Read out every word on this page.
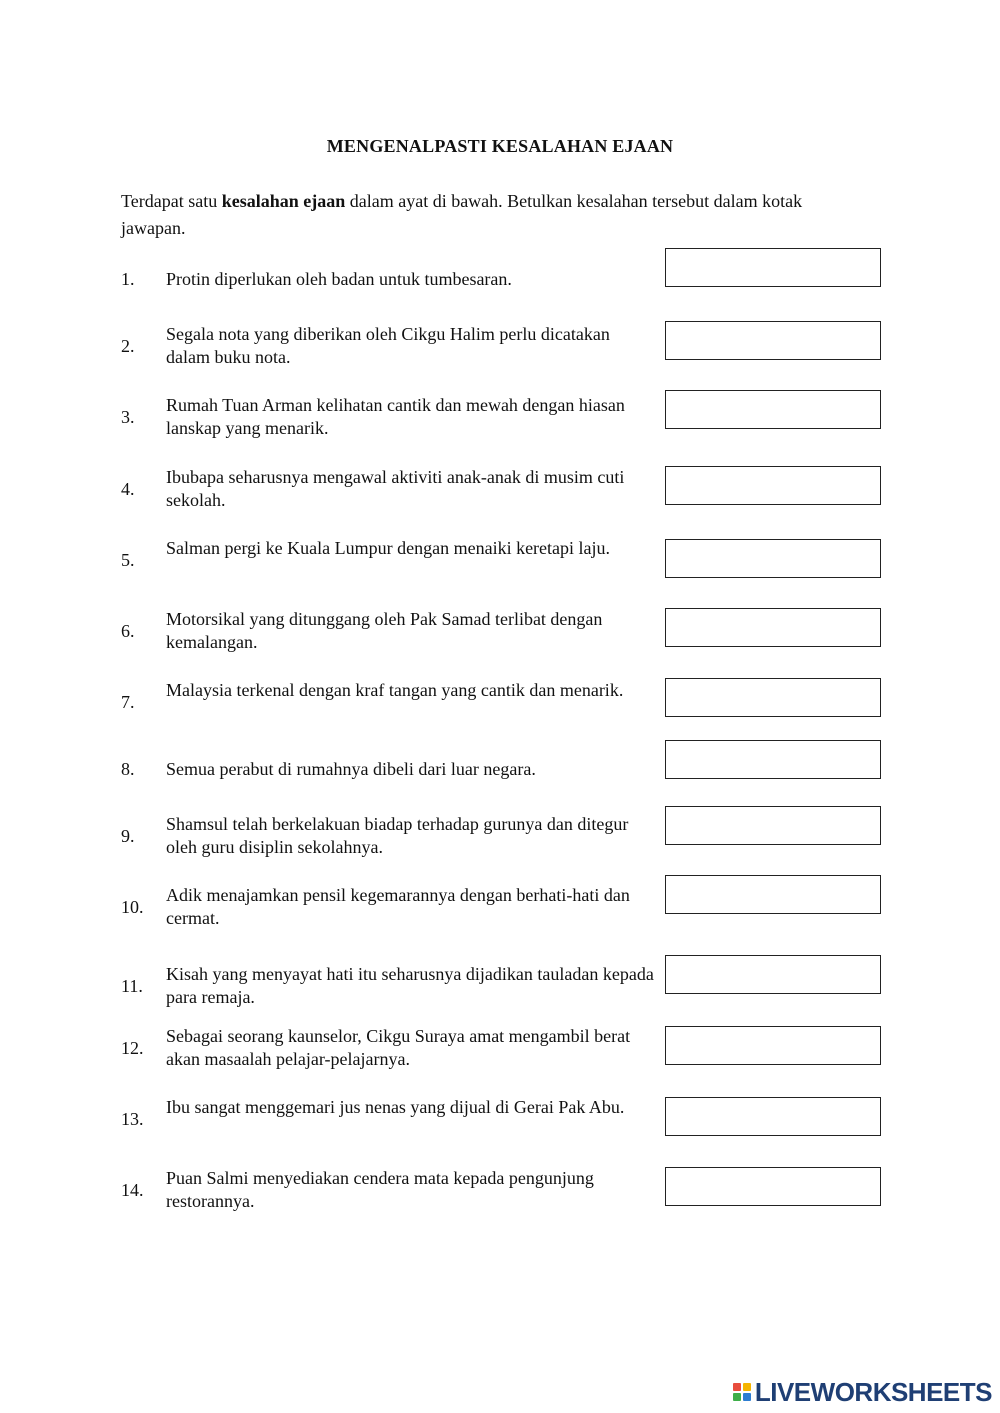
MENGENALPASTI KESALAHAN EJAAN
Terdapat satu kesalahan ejaan dalam ayat di bawah. Betulkan kesalahan tersebut dalam kotak jawapan.
1.	Protin diperlukan oleh badan untuk tumbesaran.
2.
Segala nota yang diberikan oleh Cikgu Halim perlu dicatakan dalam buku nota.
3.
Rumah Tuan Arman kelihatan cantik dan mewah dengan hiasan lanskap yang menarik.
4.
Ibubapa seharusnya mengawal aktiviti anak-anak di musim cuti sekolah.
5.
Salman pergi ke Kuala Lumpur dengan menaiki keretapi laju.
6.
Motorsikal yang ditunggang oleh Pak Samad terlibat dengan kemalangan.
7.
Malaysia terkenal dengan kraf tangan yang cantik dan menarik.
8.	Semua perabut di rumahnya dibeli dari luar negara.
9.
Shamsul telah berkelakuan biadap terhadap gurunya dan ditegur oleh guru disiplin sekolahnya.
10.
Adik menajamkan pensil kegemarannya dengan berhati-hati dan cermat.
11.
Kisah yang menyayat hati itu seharusnya dijadikan tauladan kepada para remaja.
12.
Sebagai seorang kaunselor, Cikgu Suraya amat mengambil berat akan masaalah pelajar-pelajarnya.
13.
Ibu sangat menggemari jus nenas yang dijual di Gerai Pak Abu.
14.
Puan Salmi menyediakan cendera mata kepada pengunjung restorannya.
LIVEWORKSHEETS
